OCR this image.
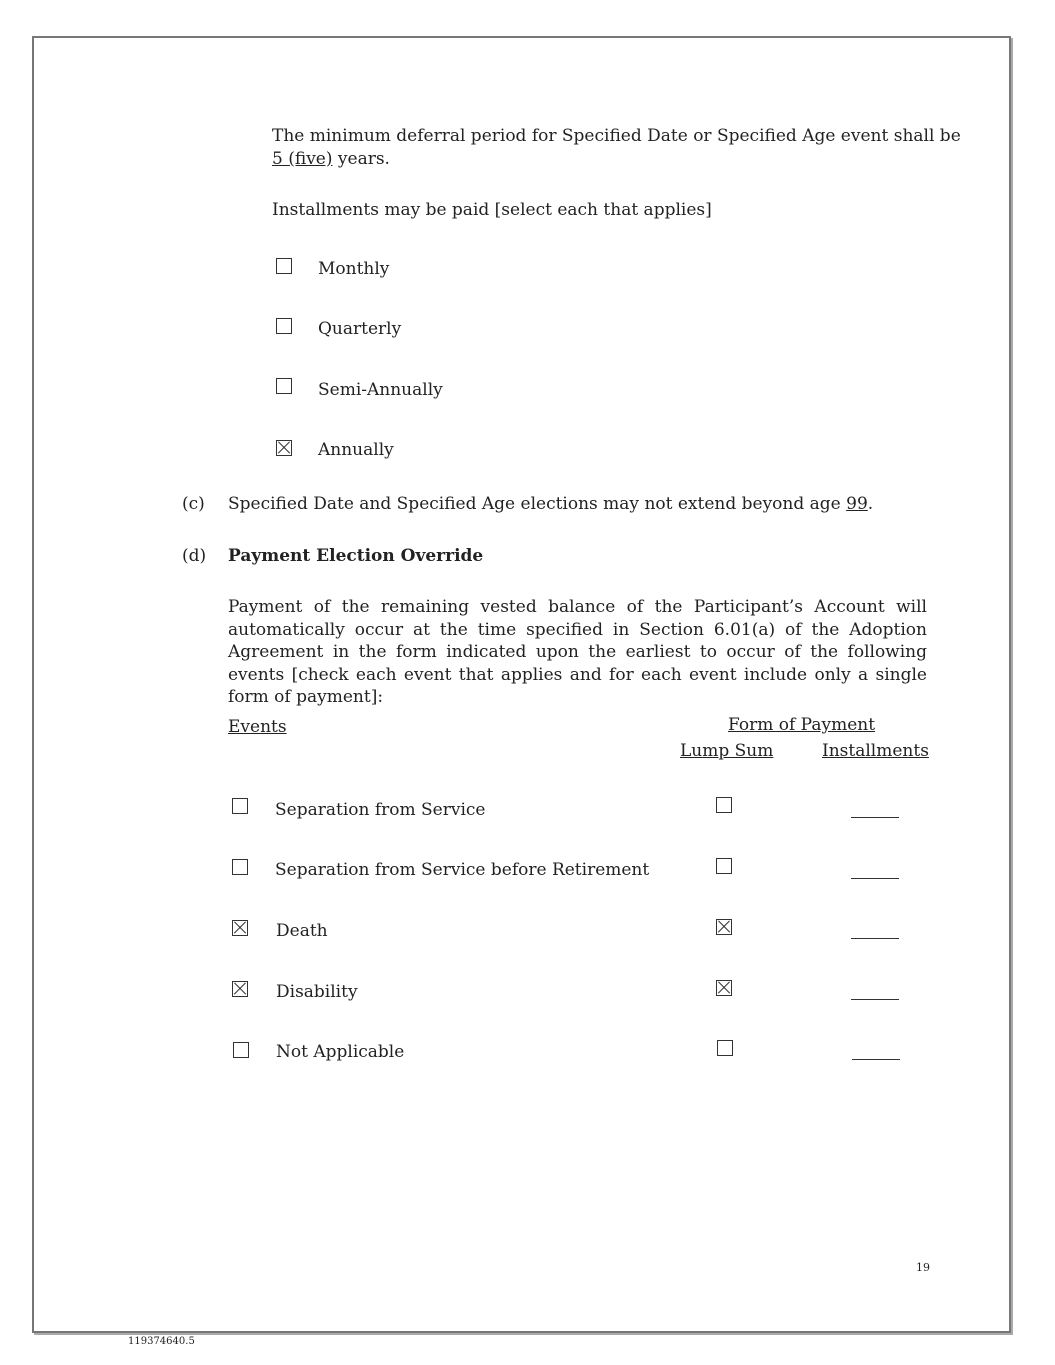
The minimum deferral period for Specified Date or Specified Age event shall be
5 (five) years.
Installments may be paid [select each that applies]
Monthly
Quarterly
Semi-Annually
Annually
(c) Specified Date and Specified Age elections may not extend beyond age 99.
(d) Payment Election Override
Payment of the remaining vested balance of the Participant’s Account will automatically occur at the time specified in Section 6.01(a) of the Adoption Agreement in the form indicated upon the earliest to occur of the following events [check each event that applies and for each event include only a single form of payment]:
Events	Form of Payment
Lump Sum	Installments
Separation from Service
Separation from Service before Retirement
Death
Disability
Not Applicable
19
119374640.5
